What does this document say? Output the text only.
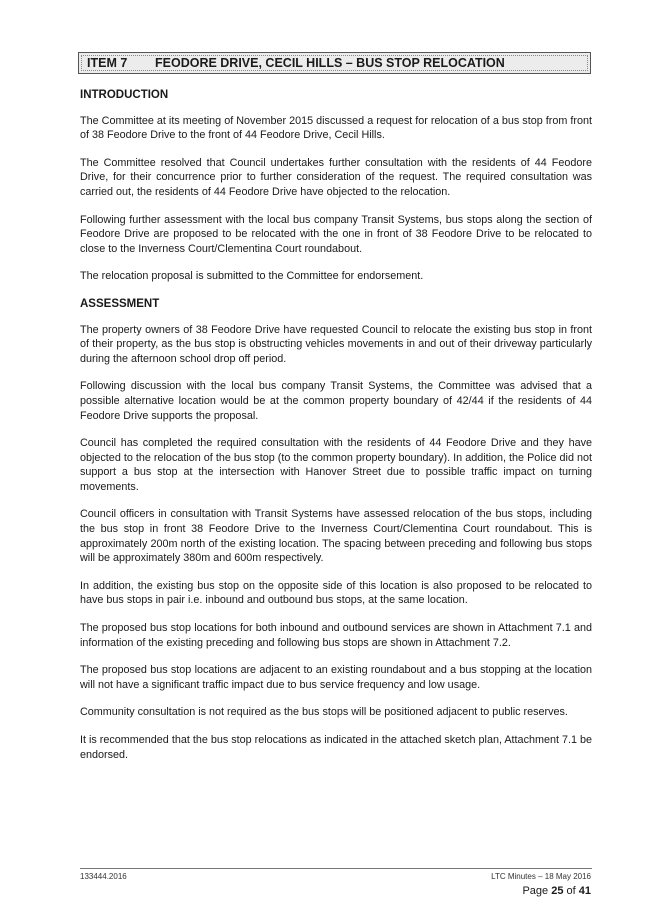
ITEM 7 FEODORE DRIVE, CECIL HILLS – BUS STOP RELOCATION
INTRODUCTION

The Committee at its meeting of November 2015 discussed a request for relocation of a bus stop from front of 38 Feodore Drive to the front of 44 Feodore Drive, Cecil Hills.

The Committee resolved that Council undertakes further consultation with the residents of 44 Feodore Drive, for their concurrence prior to further consideration of the request. The required consultation was carried out, the residents of 44 Feodore Drive have objected to the relocation.

Following further assessment with the local bus company Transit Systems, bus stops along the section of Feodore Drive are proposed to be relocated with the one in front of 38 Feodore Drive to be relocated to close to the Inverness Court/Clementina Court roundabout.

The relocation proposal is submitted to the Committee for endorsement.

ASSESSMENT

The property owners of 38 Feodore Drive have requested Council to relocate the existing bus stop in front of their property, as the bus stop is obstructing vehicles movements in and out of their driveway particularly during the afternoon school drop off period.

Following discussion with the local bus company Transit Systems, the Committee was advised that a possible alternative location would be at the common property boundary of 42/44 if the residents of 44 Feodore Drive supports the proposal.

Council has completed the required consultation with the residents of 44 Feodore Drive and they have objected to the relocation of the bus stop (to the common property boundary). In addition, the Police did not support a bus stop at the intersection with Hanover Street due to possible traffic impact on turning movements.

Council officers in consultation with Transit Systems have assessed relocation of the bus stops, including the bus stop in front 38 Feodore Drive to the Inverness Court/Clementina Court roundabout. This is approximately 200m north of the existing location. The spacing between preceding and following bus stops will be approximately 380m and 600m respectively.

In addition, the existing bus stop on the opposite side of this location is also proposed to be relocated to have bus stops in pair i.e. inbound and outbound bus stops, at the same location.

The proposed bus stop locations for both inbound and outbound services are shown in Attachment 7.1 and information of the existing preceding and following bus stops are shown in Attachment 7.2.

The proposed bus stop locations are adjacent to an existing roundabout and a bus stopping at the location will not have a significant traffic impact due to bus service frequency and low usage.

Community consultation is not required as the bus stops will be positioned adjacent to public reserves.

It is recommended that the bus stop relocations as indicated in the attached sketch plan, Attachment 7.1 be endorsed.

133444.2016	LTC Minutes – 18 May 2016
Page 25 of 41
